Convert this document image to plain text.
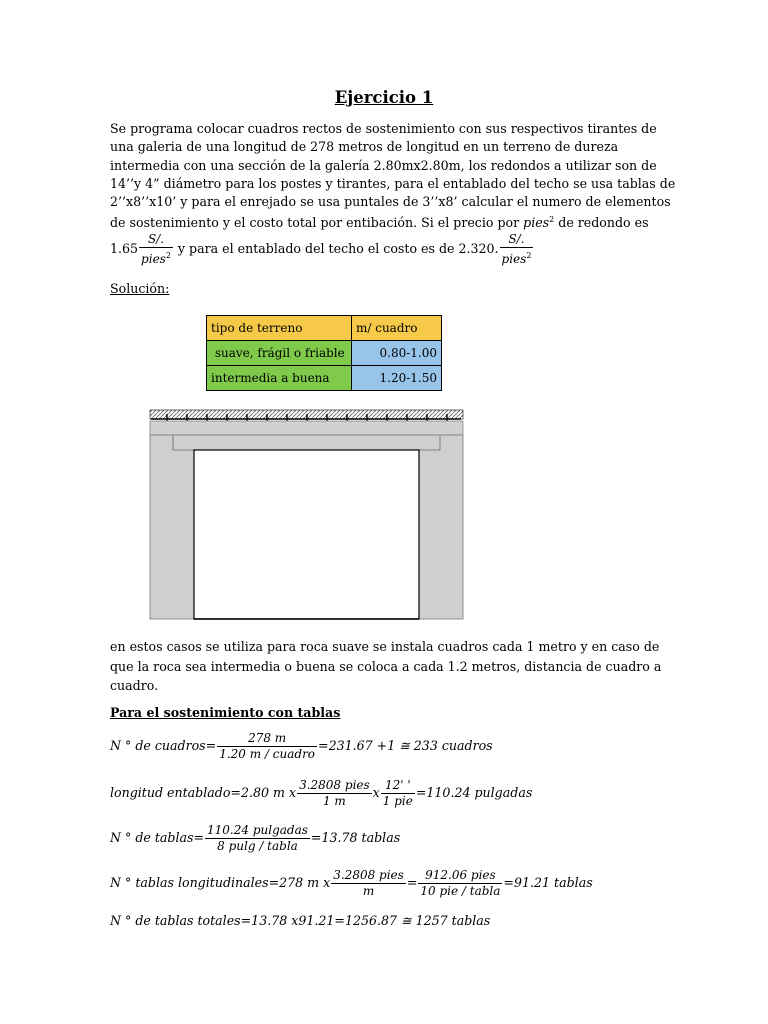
Ejercicio 1
Se programa colocar cuadros rectos de sostenimiento con sus respectivos tirantes de
una galeria de una longitud de 278 metros de longitud en un terreno de dureza
intermedia con una sección de la galería 2.80mx2.80m, los redondos a utilizar son de
14’’y 4” diámetro para los postes y tirantes, para el entablado del techo se usa tablas de
2’’x8’’x10’ y para el enrejado se usa puntales de 3’’x8’ calcular el numero de elementos
de sostenimiento y el costo total por entibación. Si el precio por pies$^2$ de redondo es
$1.65 \frac{S/.}{pies^2}$ y para el entablado del techo el costo es de 2.320. $\frac{S/.}{pies^2}$
Solución:
tipo de terreno	m/ cuadro
suave, frágil o friable	0.80-1.00
intermedia a buena	1.20-1.50
en estos casos se utiliza para roca suave se instala cuadros cada 1 metro y en caso de
que la roca sea intermedia o buena se coloca a cada 1.2 metros, distancia de cuadro a
cuadro.
Para el sostenimiento con tablas
N ° de cuadros= $\frac{278 m}{\text{1.20 m / cuadro}} =231.67 +1$ ≅ 233 cuadros
longitud entablado=2.80 m x $\frac{\text{3.2808 pies}}{1 m}$ x $\frac{12' '}{\text{1 pie}} =110.24$ pulgadas
N ° de tablas= $\frac{\text{110.24 pulgadas}}{\text{8 pulg / tabla}} =13.78$ tablas
N ° tablas longitudinales=278 m x $\frac{\text{3.2808 pies}}{m} = \frac{\text{912.06 pies}}{\text{10 pie / tabla}} =91.21$ tablas
N ° de tablas totales=13.78 x91.21=1256.87 ≅ 1257 tablas
